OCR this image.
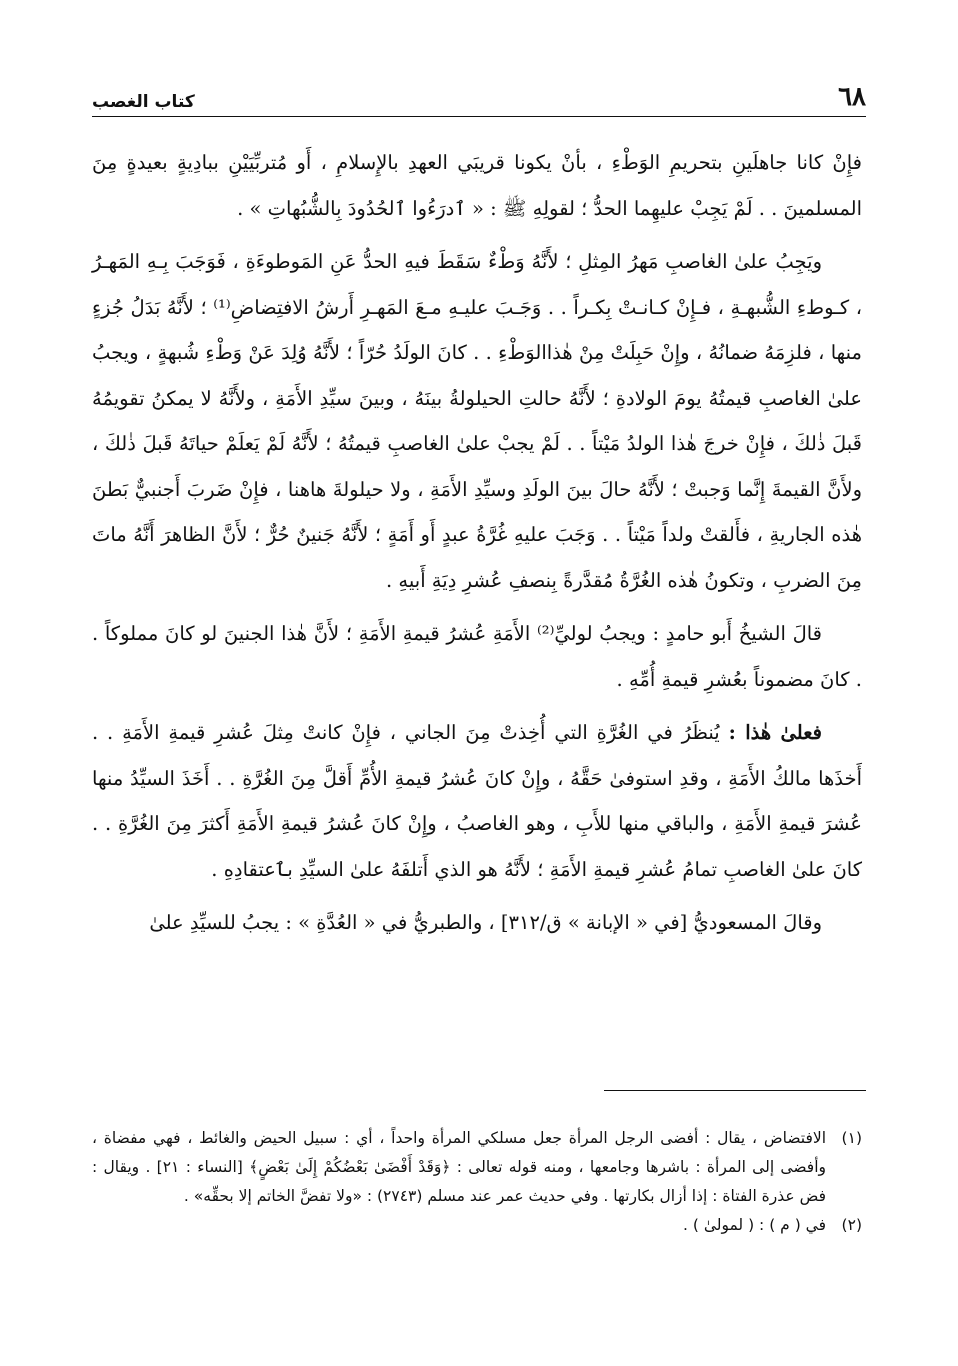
٦٨
كتاب الغصب

فإِنْ كانا جاهلَينِ بتحريمِ الوَطْءِ ، بأنْ يكونا قريبَي العهدِ بالإِسلامِ ، أَو مُتربِّيَيْنِ ببادِيةٍ بعيدةٍ مِنَ المسلمينَ . . لَمْ يَجِبْ عليهِما الحدُّ ؛ لقولِهِ ﷺ : « ٱدرَءُوا ٱلحُدُودَ بِالشُّبُهاتِ » .

ويَجِبُ علىٰ الغاصبِ مَهرُ المِثلِ ؛ لأَنَّهُ وَطْءٌ سَقَطَ فيهِ الحدُّ عَنِ المَوطوءَةِ ، فَوَجَبَ بِـهِ المَهـرُ ، كـوطءِ الشُّبهـةِ ، فـإِنْ كـانـتْ بِكـراً . . وَجَـبَ عليـهِ مـعَ المَهـرِ أَرشُ الافتِضاضِ⁽¹⁾ ؛ لأَنَّهُ بَدَلُ جُزءٍ منها ، فلزِمَهُ ضمانُهُ ، وإِنْ حَبِلَتْ مِنْ هٰذاالوَطْءِ . . كانَ الولَدُ حُرّاً ؛ لأَنَّهُ وُلِدَ عَنْ وَطْءِ شُبهةٍ ، ويجبُ علىٰ الغاصبِ قيمتُهُ يومَ الولادةِ ؛ لأَنَّهُ حالتِ الحيلولةُ بينَهُ ، وبينَ سيِّدِ الأَمَةِ ، ولأَنَّهُ لا يمكنُ تقويمُهُ قَبلَ ذٰلكَ ، فإِنْ خرجَ هٰذا الولدُ مَيْتاً . . لَمْ يجبْ علىٰ الغاصبِ قيمتُهُ ؛ لأَنَّهُ لَمْ يَعلَمْ حياتَهُ قَبلَ ذٰلكَ ، ولأَنَّ القيمةَ إِنَّما وَجبتْ ؛ لأَنَّهُ حالَ بينَ الولَدِ وسيِّدِ الأَمَةِ ، ولا حيلولةَ هاهنا ، فإِنْ ضَربَ أَجنبيٌّ بَطنَ هٰذه الجاريةِ ، فأَلقتْ ولداً مَيْتاً . . وَجَبَ عليهِ غُرَّةُ عبدٍ أَو أَمَةٍ ؛ لأَنَّهُ جَنينٌ حُرٌّ ؛ لأَنَّ الظاهرَ أَنَّهُ ماتَ مِنَ الضربِ ، وتكونُ هٰذه الغُرَّةُ مُقدَّرةً بِنصفِ عُشرِ دِيَةِ أَبيهِ .

قالَ الشيخُ أَبو حامدٍ : ويجبُ لوليِّ⁽²⁾ الأَمَةِ عُشرُ قيمةِ الأَمَةِ ؛ لأَنَّ هٰذا الجنينَ لو كانَ مملوكاً . . كانَ مضموناً بعُشرِ قيمةِ أُمِّهِ .

فعلىٰ هٰذا : يُنظَرُ في الغُرَّةِ التي أُخِذتْ مِنَ الجاني ، فإِنْ كانتْ مِثلَ عُشرِ قيمةِ الأَمَةِ . . أَخذَها مالكُ الأَمَةِ ، وقدِ استوفىٰ حَقَّهُ ، وإِنْ كانَ عُشرُ قيمةِ الأُمِّ أَقلَّ مِنَ الغُرَّةِ . . أَخَذَ السيِّدُ منها عُشرَ قيمةِ الأَمَةِ ، والباقي منها للأَبِ ، وهو الغاصبُ ، وإِنْ كانَ عُشرُ قيمةِ الأَمَةِ أَكثرَ مِنَ الغُرَّةِ . . كانَ علىٰ الغاصبِ تمامُ عُشرِ قيمةِ الأَمَةِ ؛ لأَنَّهُ هو الذي أَتلفَهُ علىٰ السيِّدِ بٱعتقادِهِ .

وقالَ المسعوديُّ [في « الإبانة » ق/٣١٢] ، والطبريُّ في « العُدَّةِ » : يجبُ للسيِّدِ علىٰ

(١)
الافتضاض ، يقال : أفضى الرجل المرأة جعل مسلكي المرأة واحداً ، أي : سبيل الحيض والغائط ، فهي مفضاة ، وأفضى إلى المرأة : باشرها وجامعها ، ومنه قوله تعالى : ﴿وَقَدْ أَفْضَىٰ بَعْضُكُمْ إِلَىٰ بَعْضٍ﴾ [النساء : ٢١] . ويقال : فض عذرة الفتاة : إذا أزال بكارتها . وفي حديث عمر عند مسلم (٢٧٤٣) : «ولا تفضَّ الخاتم إلا بحقِّه» .
(٢)
في ( م ) : ( لمولىٰ ) .
